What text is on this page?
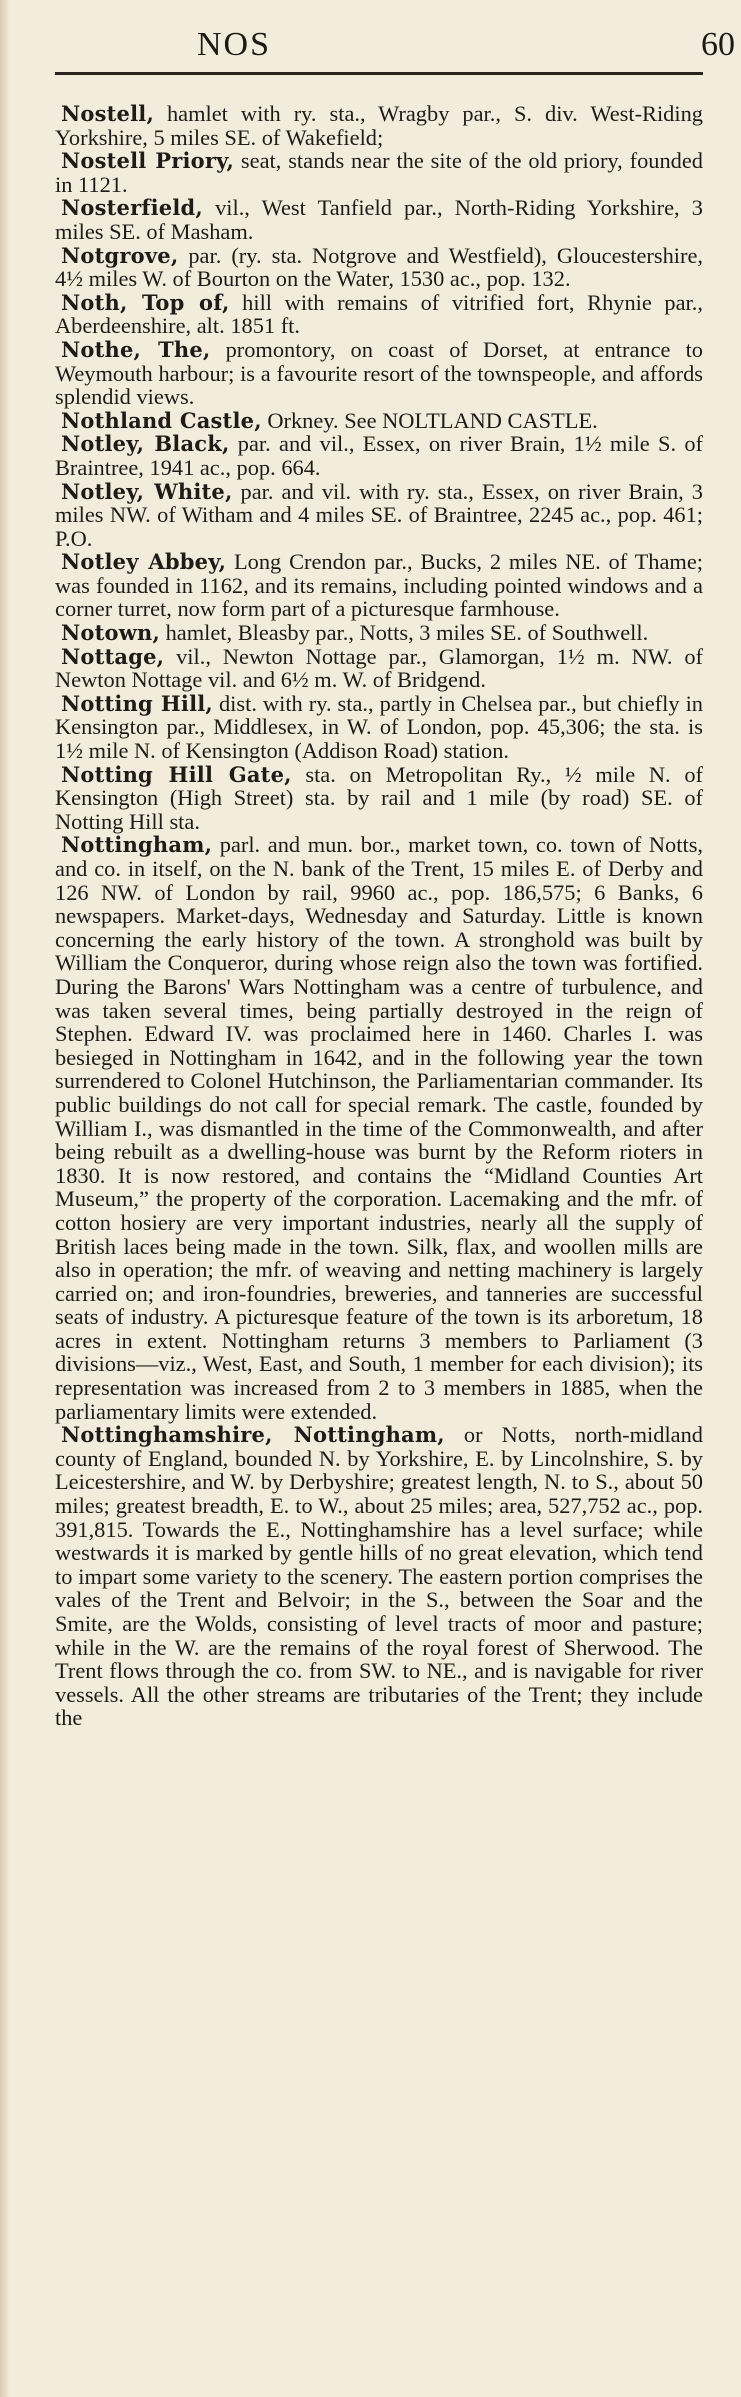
NOS	60

Nostell, hamlet with ry. sta., Wragby par., S. div. West-Riding Yorkshire, 5 miles SE. of Wakefield;

Nostell Priory, seat, stands near the site of the old priory, founded in 1121.

Nosterfield, vil., West Tanfield par., North-Riding Yorkshire, 3 miles SE. of Masham.

Notgrove, par. (ry. sta. Notgrove and Westfield), Gloucestershire, 4½ miles W. of Bourton on the Water, 1530 ac., pop. 132.

Noth, Top of, hill with remains of vitrified fort, Rhynie par., Aberdeenshire, alt. 1851 ft.

Nothe, The, promontory, on coast of Dorset, at entrance to Weymouth harbour; is a favourite resort of the townspeople, and affords splendid views.

Nothland Castle, Orkney. See NOLTLAND CASTLE.

Notley, Black, par. and vil., Essex, on river Brain, 1½ mile S. of Braintree, 1941 ac., pop. 664.

Notley, White, par. and vil. with ry. sta., Essex, on river Brain, 3 miles NW. of Witham and 4 miles SE. of Braintree, 2245 ac., pop. 461; P.O.

Notley Abbey, Long Crendon par., Bucks, 2 miles NE. of Thame; was founded in 1162, and its remains, including pointed windows and a corner turret, now form part of a picturesque farmhouse.

Notown, hamlet, Bleasby par., Notts, 3 miles SE. of Southwell.

Nottage, vil., Newton Nottage par., Glamorgan, 1½ m. NW. of Newton Nottage vil. and 6½ m. W. of Bridgend.

Notting Hill, dist. with ry. sta., partly in Chelsea par., but chiefly in Kensington par., Middlesex, in W. of London, pop. 45,306; the sta. is 1½ mile N. of Kensington (Addison Road) station.

Notting Hill Gate, sta. on Metropolitan Ry., ½ mile N. of Kensington (High Street) sta. by rail and 1 mile (by road) SE. of Notting Hill sta.

Nottingham, parl. and mun. bor., market town, co. town of Notts, and co. in itself, on the N. bank of the Trent, 15 miles E. of Derby and 126 NW. of London by rail, 9960 ac., pop. 186,575; 6 Banks, 6 newspapers. Market-days, Wednesday and Saturday. Little is known concerning the early history of the town. A stronghold was built by William the Conqueror, during whose reign also the town was fortified. During the Barons' Wars Nottingham was a centre of turbulence, and was taken several times, being partially destroyed in the reign of Stephen. Edward IV. was proclaimed here in 1460. Charles I. was besieged in Nottingham in 1642, and in the following year the town surrendered to Colonel Hutchinson, the Parliamentarian commander. Its public buildings do not call for special remark. The castle, founded by William I., was dismantled in the time of the Commonwealth, and after being rebuilt as a dwelling-house was burnt by the Reform rioters in 1830. It is now restored, and contains the “Midland Counties Art Museum,” the property of the corporation. Lacemaking and the mfr. of cotton hosiery are very important industries, nearly all the supply of British laces being made in the town. Silk, flax, and woollen mills are also in operation; the mfr. of weaving and netting machinery is largely carried on; and iron-foundries, breweries, and tanneries are successful seats of industry. A picturesque feature of the town is its arboretum, 18 acres in extent. Nottingham returns 3 members to Parliament (3 divisions—viz., West, East, and South, 1 member for each division); its representation was increased from 2 to 3 members in 1885, when the parliamentary limits were extended.

Nottinghamshire, Nottingham, or Notts, north-midland county of England, bounded N. by Yorkshire, E. by Lincolnshire, S. by Leicestershire, and W. by Derbyshire; greatest length, N. to S., about 50 miles; greatest breadth, E. to W., about 25 miles; area, 527,752 ac., pop. 391,815. Towards the E., Nottinghamshire has a level surface; while westwards it is marked by gentle hills of no great elevation, which tend to impart some variety to the scenery. The eastern portion comprises the vales of the Trent and Belvoir; in the S., between the Soar and the Smite, are the Wolds, consisting of level tracts of moor and pasture; while in the W. are the remains of the royal forest of Sherwood. The Trent flows through the co. from SW. to NE., and is navigable for river vessels. All the other streams are tributaries of the Trent; they include the
